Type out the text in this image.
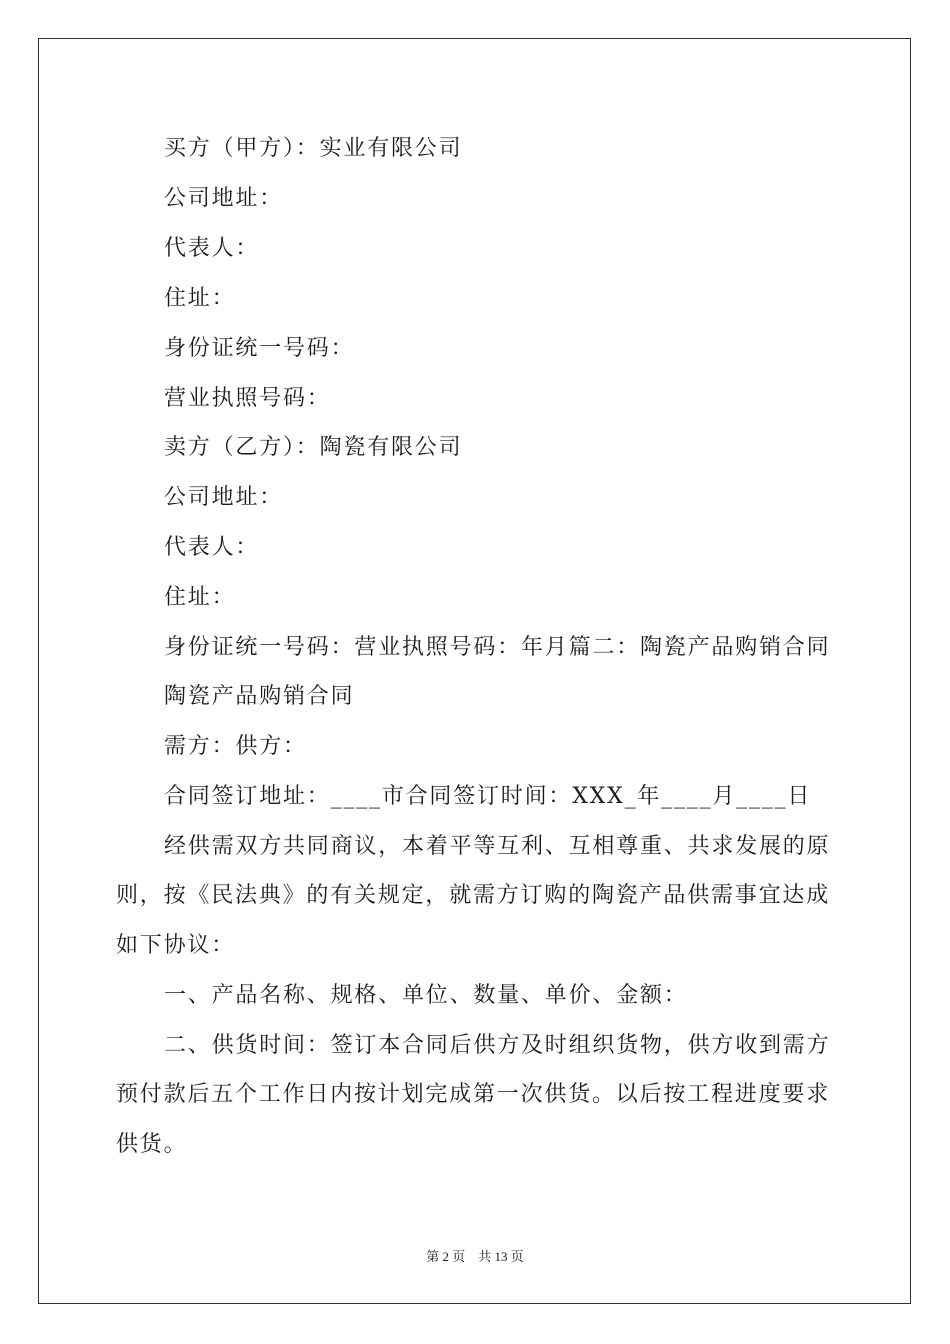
买方（甲方）：实业有限公司
公司地址：
代表人：
住址：
身份证统一号码：
营业执照号码：
卖方（乙方）：陶瓷有限公司
公司地址：
代表人：
住址：
身份证统一号码：营业执照号码：年月篇二：陶瓷产品购销合同
陶瓷产品购销合同
需方：供方：
合同签订地址：____市合同签订时间：XXX_年____月____日
经供需双方共同商议，本着平等互利、互相尊重、共求发展的原
则，按《民法典》的有关规定，就需方订购的陶瓷产品供需事宜达成
如下协议：
一、产品名称、规格、单位、数量、单价、金额：
二、供货时间：签订本合同后供方及时组织货物，供方收到需方
预付款后五个工作日内按计划完成第一次供货。以后按工程进度要求
供货。
第 2 页    共 13 页
